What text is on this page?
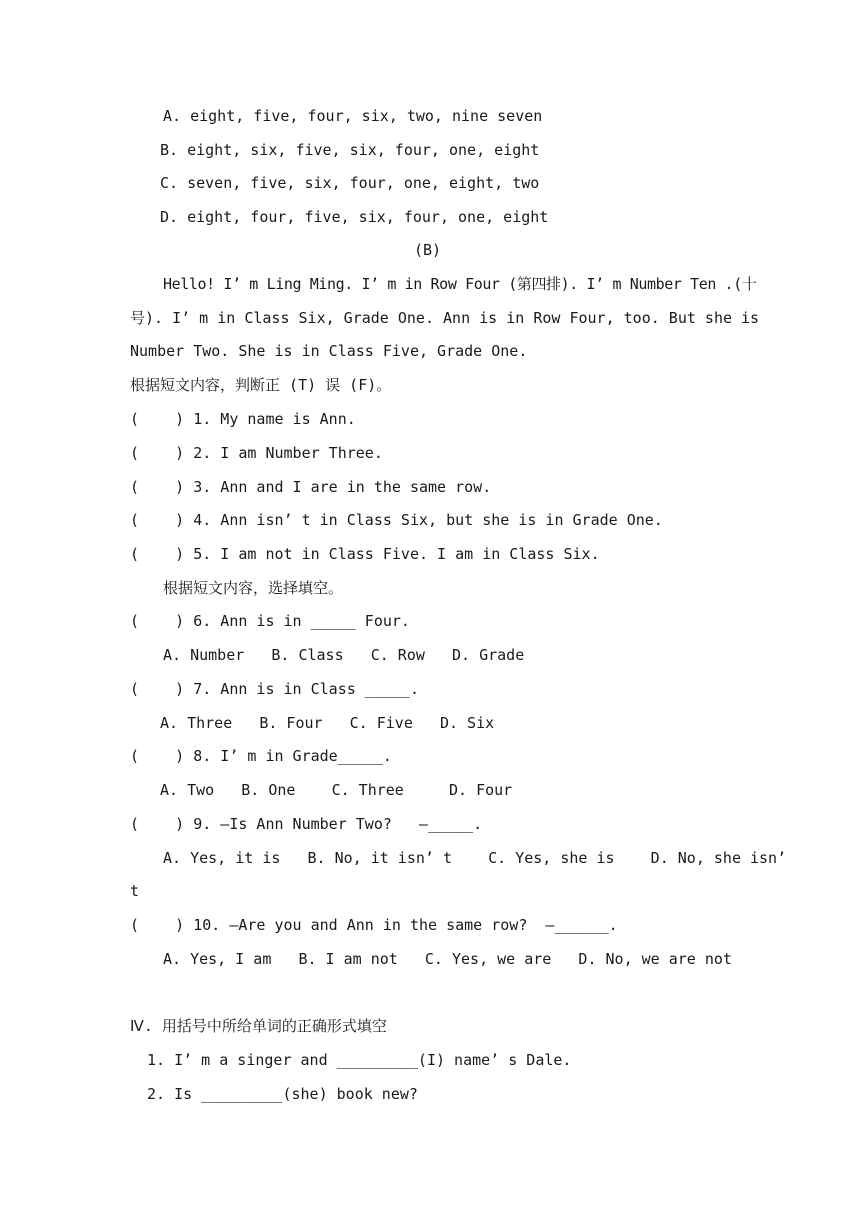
A. eight, five, four, six, two, nine seven
B. eight, six, five, six, four, one, eight
C. seven, five, six, four, one, eight, two
D. eight, four, five, six, four, one, eight
(B)
Hello! I’ m Ling Ming. I’ m in Row Four (第四排). I’ m Number Ten .(十
号). I’ m in Class Six, Grade One. Ann is in Row Four, too. But she is
Number Two. She is in Class Five, Grade One.
根据短文内容，判断正 (T) 误 (F)。
(    ) 1. My name is Ann.
(    ) 2. I am Number Three.
(    ) 3. Ann and I are in the same row.
(    ) 4. Ann isn’ t in Class Six, but she is in Grade One.
(    ) 5. I am not in Class Five. I am in Class Six.
根据短文内容，选择填空。
(    ) 6. Ann is in _____ Four.
A. Number   B. Class   C. Row   D. Grade
(    ) 7. Ann is in Class _____.
A. Three   B. Four   C. Five   D. Six
(    ) 8. I’ m in Grade_____.
A. Two   B. One    C. Three     D. Four
(    ) 9. —Is Ann Number Two?   —_____.
A. Yes, it is   B. No, it isn’ t    C. Yes, she is    D. No, she isn’
t
(    ) 10. —Are you and Ann in the same row?  —______.
A. Yes, I am   B. I am not   C. Yes, we are   D. No, we are not
Ⅳ. 用括号中所给单词的正确形式填空
1. I’ m a singer and _________(I) name’ s Dale.
2. Is _________(she) book new?
